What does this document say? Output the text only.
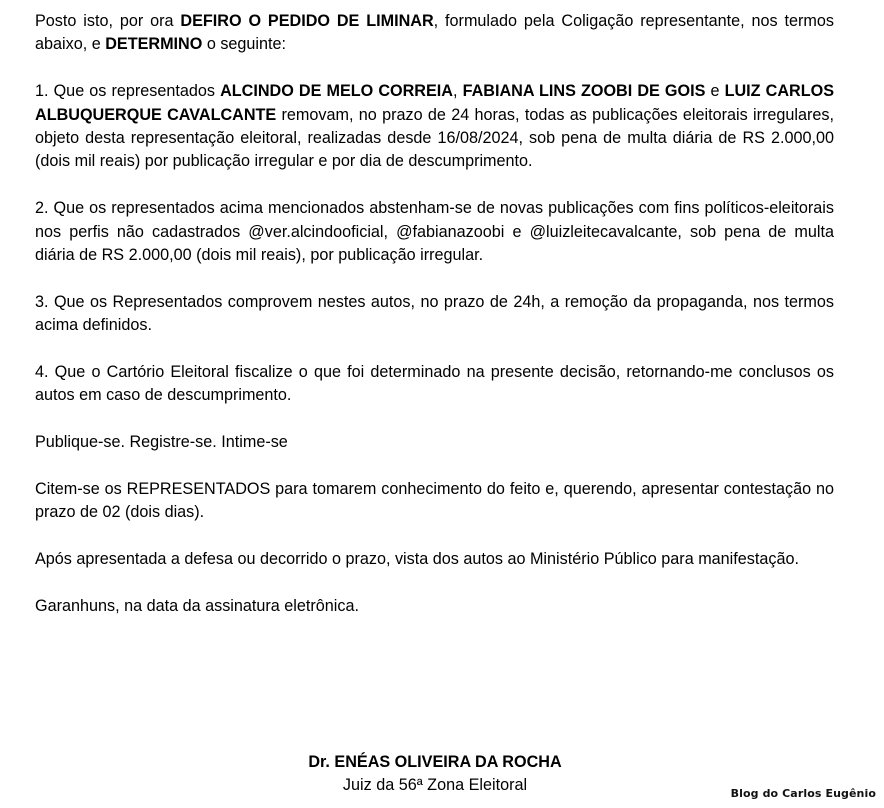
Posto isto, por ora DEFIRO O PEDIDO DE LIMINAR, formulado pela Coligação representante, nos termos abaixo, e DETERMINO o seguinte:

1. Que os representados ALCINDO DE MELO CORREIA, FABIANA LINS ZOOBI DE GOIS e LUIZ CARLOS ALBUQUERQUE CAVALCANTE removam, no prazo de 24 horas, todas as publicações eleitorais irregulares, objeto desta representação eleitoral, realizadas desde 16/08/2024, sob pena de multa diária de RS 2.000,00 (dois mil reais) por publicação irregular e por dia de descumprimento.

2. Que os representados acima mencionados abstenham-se de novas publicações com fins políticos-eleitorais nos perfis não cadastrados @ver.alcindooficial, @fabianazoobi e @luizleitecavalcante, sob pena de multa diária de RS 2.000,00 (dois mil reais), por publicação irregular.

3. Que os Representados comprovem nestes autos, no prazo de 24h, a remoção da propaganda, nos termos acima definidos.

4. Que o Cartório Eleitoral fiscalize o que foi determinado na presente decisão, retornando-me conclusos os autos em caso de descumprimento.

Publique-se. Registre-se. Intime-se

Citem-se os REPRESENTADOS para tomarem conhecimento do feito e, querendo, apresentar contestação no prazo de 02 (dois dias).

Após apresentada a defesa ou decorrido o prazo, vista dos autos ao Ministério Público para manifestação.

Garanhuns, na data da assinatura eletrônica.

Dr. ENÉAS OLIVEIRA DA ROCHA
Juiz da 56ª Zona Eleitoral	Blog do Carlos Eugênio
